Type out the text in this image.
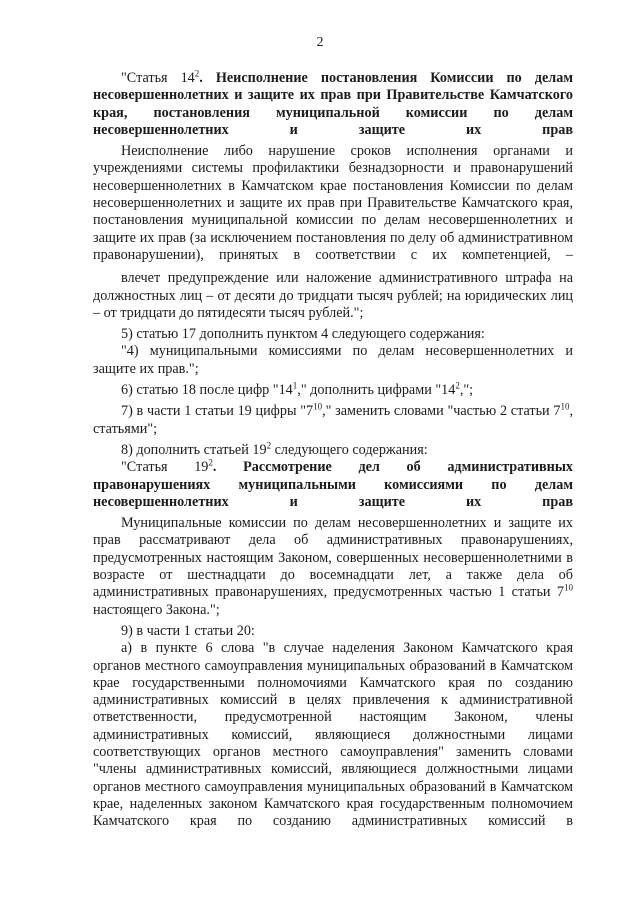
2

"Статья $14^2$. Неисполнение постановления Комиссии по делам несовершеннолетних и защите их прав при Правительстве Камчатского края, постановления муниципальной комиссии по делам несовершеннолетних и защите их прав

Неисполнение либо нарушение сроков исполнения органами и учреждениями системы профилактики безнадзорности и правонарушений несовершеннолетних в Камчатском крае постановления Комиссии по делам несовершеннолетних и защите их прав при Правительстве Камчатского края, постановления муниципальной комиссии по делам несовершеннолетних и защите их прав (за исключением постановления по делу об административном правонарушении), принятых в соответствии с их компетенцией, –

влечет предупреждение или наложение административного штрафа на должностных лиц – от десяти до тридцати тысяч рублей; на юридических лиц – от тридцати до пятидесяти тысяч рублей.";

5) статью 17 дополнить пунктом 4 следующего содержания:

"4) муниципальными комиссиями по делам несовершеннолетних и защите их прав.";

6) статью 18 после цифр "$14^1$," дополнить цифрами "$14^2$,";

7) в части 1 статьи 19 цифры "$7^{10}$," заменить словами "частью 2 статьи $7^{10}$, статьями";

8) дополнить статьей $19^2$ следующего содержания:

"Статья $19^2$. Рассмотрение дел об административных правонарушениях муниципальными комиссиями по делам несовершеннолетних и защите их прав

Муниципальные комиссии по делам несовершеннолетних и защите их прав рассматривают дела об административных правонарушениях, предусмотренных настоящим Законом, совершенных несовершеннолетними в возрасте от шестнадцати до восемнадцати лет, а также дела об административных правонарушениях, предусмотренных частью 1 статьи $7^{10}$ настоящего Закона.";

9) в части 1 статьи 20:

а) в пункте 6 слова "в случае наделения Законом Камчатского края органов местного самоуправления муниципальных образований в Камчатском крае государственными полномочиями Камчатского края по созданию административных комиссий в целях привлечения к административной ответственности, предусмотренной настоящим Законом, члены административных комиссий, являющиеся должностными лицами соответствующих органов местного самоуправления" заменить словами "члены административных комиссий, являющиеся должностными лицами органов местного самоуправления муниципальных образований в Камчатском крае, наделенных законом Камчатского края государственным полномочием Камчатского края по созданию административных комиссий в
